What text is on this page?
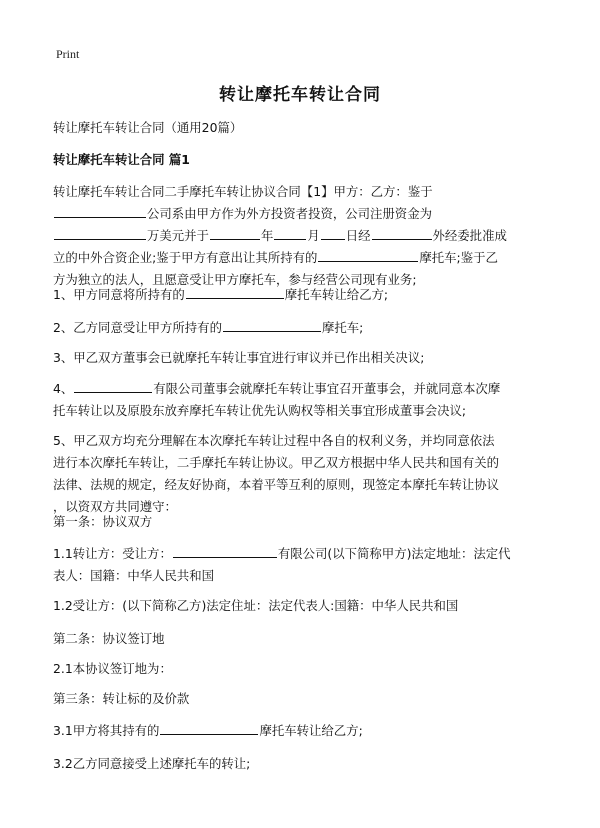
Print
转让摩托车转让合同
转让摩托车转让合同（通用20篇）
转让摩托车转让合同 篇1
转让摩托车转让合同二手摩托车转让协议合同【1】甲方：乙方：鉴于
公司系由甲方作为外方投资者投资，公司注册资金为
万美元并于	年	月 日经	外经委批准成
立的中外合资企业;鉴于甲方有意出让其所持有的	摩托车;鉴于乙
方为独立的法人，且愿意受让甲方摩托车，参与经营公司现有业务;
1、甲方同意将所持有的	摩托车转让给乙方;
2、乙方同意受让甲方所持有的	摩托车;
3、甲乙双方董事会已就摩托车转让事宜进行审议并已作出相关决议;
4、	有限公司董事会就摩托车转让事宜召开董事会，并就同意本次摩
托车转让以及原股东放弃摩托车转让优先认购权等相关事宜形成董事会决议;
5、甲乙双方均充分理解在本次摩托车转让过程中各自的权利义务，并均同意依法
进行本次摩托车转让，二手摩托车转让协议。甲乙双方根据中华人民共和国有关的
法律、法规的规定，经友好协商，本着平等互利的原则，现签定本摩托车转让协议
，以资双方共同遵守：
第一条：协议双方
1.1转让方：受让方：	有限公司(以下简称甲方)法定地址：法定代
表人：国籍：中华人民共和国
1.2受让方：(以下简称乙方)法定住址：法定代表人:国籍：中华人民共和国
第二条：协议签订地
2.1本协议签订地为：
第三条：转让标的及价款
3.1甲方将其持有的	摩托车转让给乙方;
3.2乙方同意接受上述摩托车的转让;
